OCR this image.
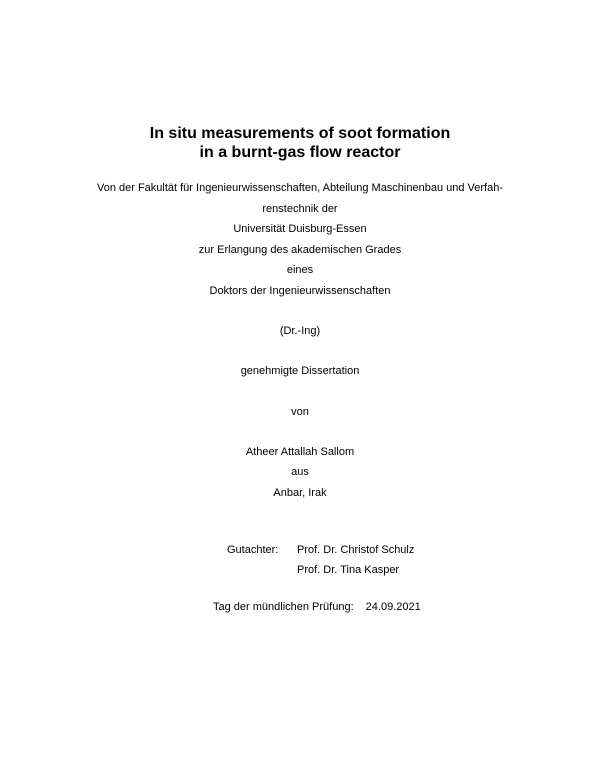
In situ measurements of soot formation
in a burnt-gas flow reactor
Von der Fakultät für Ingenieurwissenschaften, Abteilung Maschinenbau und Verfah-
renstechnik der
Universität Duisburg-Essen
zur Erlangung des akademischen Grades
eines
Doktors der Ingenieurwissenschaften
(Dr.-Ing)
genehmigte Dissertation
von
Atheer Attallah Sallom
aus
Anbar, Irak
Gutachter:	Prof. Dr. Christof Schulz
Prof. Dr. Tina Kasper
Tag der mündlichen Prüfung: 24.09.2021
